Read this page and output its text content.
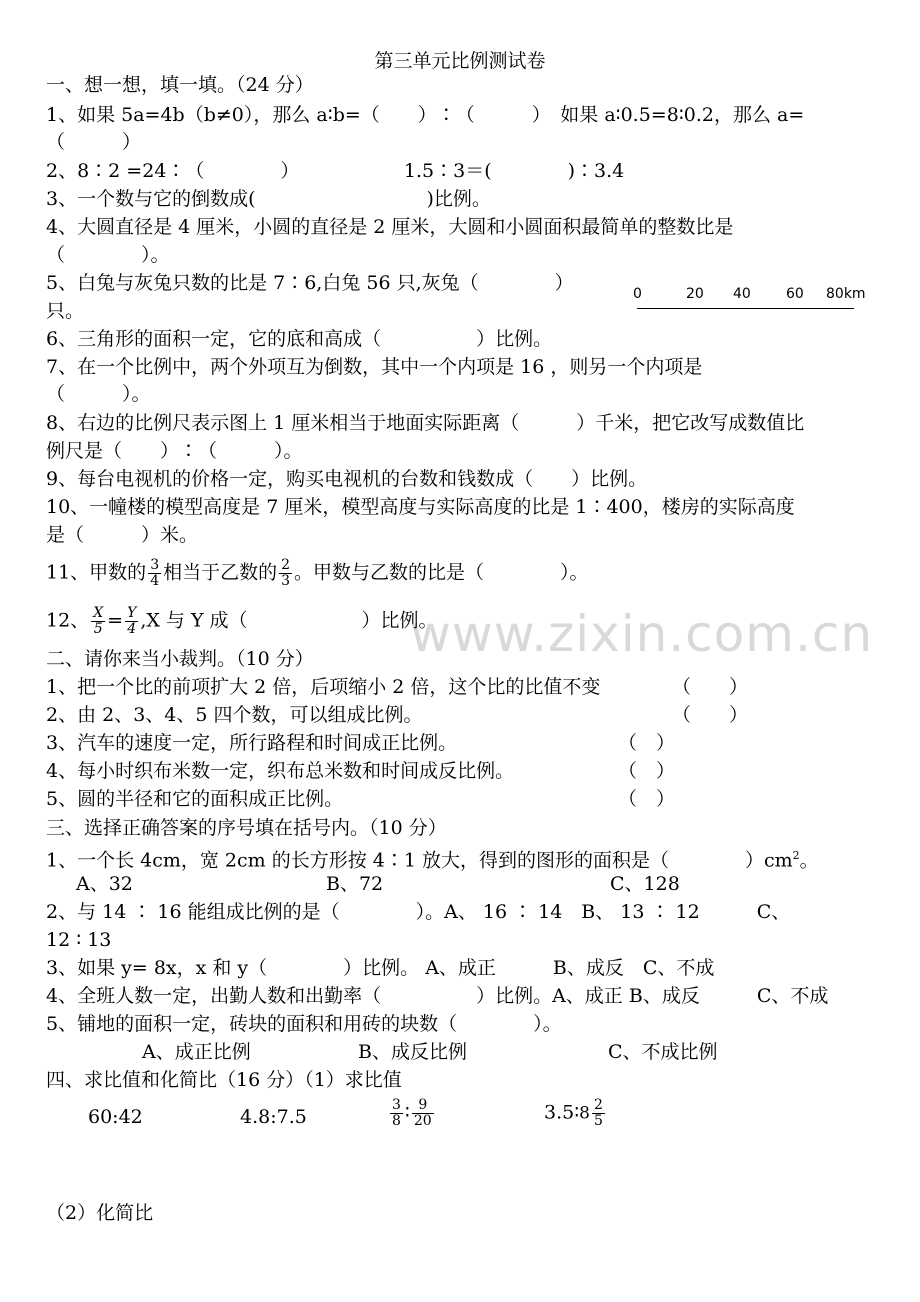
www.zixin.com.cn
第三单元比例测试卷
一、想一想，填一填。（24 分）
1、如果 5a=4b（b≠0），那么 a∶b=（　　）∶（　　　）　如果 a∶0.5=8∶0.2，那么 a=
（　　　）
2、8∶2 =24∶（　　　　）　　　　　　1.5∶3＝(　　　　)∶3.4
3、一个数与它的倒数成(　　　　　　　　　)比例。
4、大圆直径是 4 厘米，小圆的直径是 2 厘米，大圆和小圆面积最简单的整数比是
（　　　　）。
5、白兔与灰兔只数的比是 7∶6,白兔 56 只,灰兔（　　　　）
只。
0	20 40	60 80km
6、三角形的面积一定，它的底和高成（　　　　　）比例。
7、在一个比例中，两个外项互为倒数，其中一个内项是 16 ，则另一个内项是
（　　　）。
8、右边的比例尺表示图上 1 厘米相当于地面实际距离（　　　）千米，把它改写成数值比
例尺是（　　）∶（　　　）。
9、每台电视机的价格一定，购买电视机的台数和钱数成（　　）比例。
10、一幢楼的模型高度是 7 厘米，模型高度与实际高度的比是 1∶400，楼房的实际高度
是（　　　）米。
11、甲数的 $\frac{3}{4}$ 相当于乙数的 $\frac{2}{3}$ 。甲数与乙数的比是（　　　　）。
12、 $\frac{X}{5} = \frac{Y}{4} ,X$ 与 Y 成（　　　　　　）比例。
二、请你来当小裁判。（10 分）
1、把一个比的前项扩大 2 倍，后项缩小 2 倍，这个比的比值不变	（　　）
2、由 2、3、4、5 四个数，可以组成比例。	（　　）
3、汽车的速度一定，所行路程和时间成正比例。	（　）
4、每小时织布米数一定，织布总米数和时间成反比例。	（　）
5、圆的半径和它的面积成正比例。	（　）
三、选择正确答案的序号填在括号内。（10 分）
1、一个长 4cm，宽 2cm 的长方形按 4∶1 放大，得到的图形的面积是（　　　　）$cm^2$。
A、32	B、72	C、128
2、与 14 ∶ 16 能组成比例的是（　　　　）。A、 16 ∶ 14　B、 13 ∶ 12　　　C、
12 ∶ 13
3、如果 y= 8x，x 和 y（　　　　）比例。 A、成正　　　B、成反　C、不成
4、全班人数一定，出勤人数和出勤率（　　　　　）比例。A、成正 B、成反　　　C、不成
5、铺地的面积一定，砖块的面积和用砖的块数（　　　　）。
A、成正比例	B、成反比例	C、不成比例
四、求比值和化简比（16 分）（1）求比值
60:42	4.8:7.5	$\frac{3}{8}$ ∶ $\frac{9}{20}$	3.5∶8 $\frac{2}{5}$
（2）化简比
